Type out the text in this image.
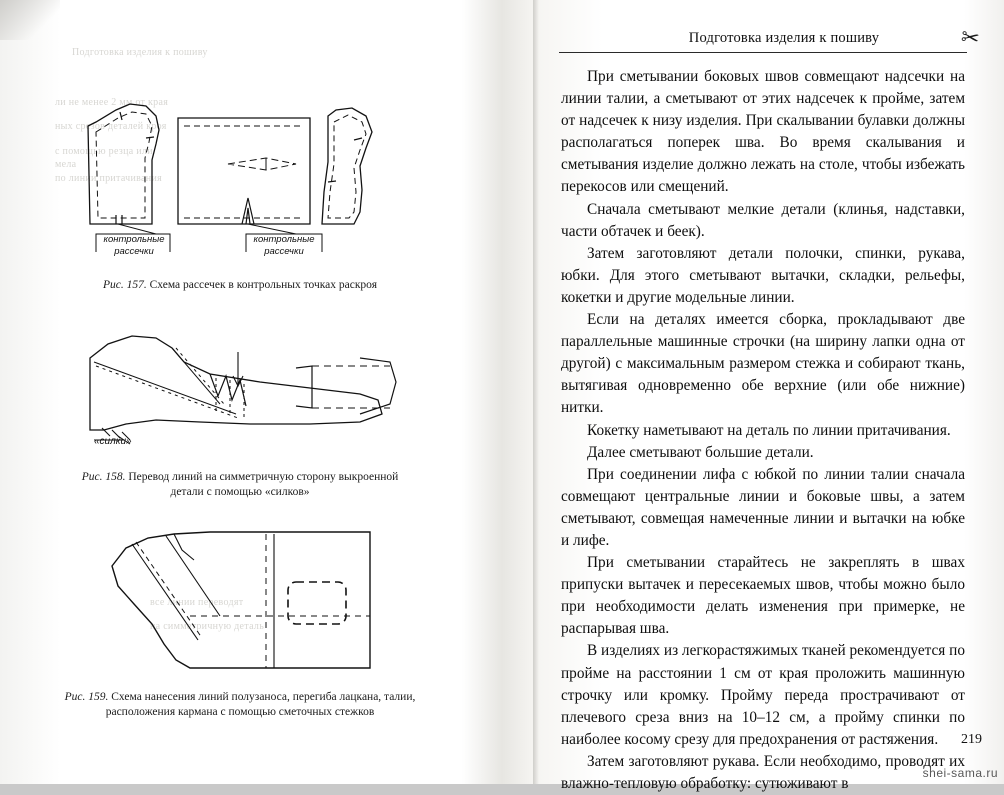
Подготовка изделия к пошиву
ли не менее 2 мм от края
ных срезов деталей кроя
с помощью резца или мела
по линии притачивания
все линии переводят
на симметричную деталь
контрольные
рассечки
контрольные
рассечки
Рис. 157. Схема рассечек в контрольных точках раскроя
«силки»
Рис. 158. Перевод линий на симметричную сторону выкроенной
детали с помощью «силков»
Рис. 159. Схема нанесения линий полузаноса, перегиба лацкана, талии,
расположения кармана с помощью сметочных стежков
Подготовка изделия к пошиву	✂

При сметывании боковых швов совмещают надсечки на линии талии, а сметывают от этих надсечек к пройме, затем от надсечек к низу изделия. При скалывании булавки должны располагаться поперек шва. Во время скалывания и сметывания изделие должно лежать на столе, чтобы избежать перекосов или смещений.

Сначала сметывают мелкие детали (клинья, надставки, части обтачек и беек).

Затем заготовляют детали полочки, спинки, рукава, юбки. Для этого сметывают вытачки, складки, рельефы, кокетки и другие модельные линии.

Если на деталях имеется сборка, прокладывают две параллельные машинные строчки (на ширину лапки одна от другой) с максимальным размером стежка и собирают ткань, вытягивая одновременно обе верхние (или обе нижние) нитки.

Кокетку наметывают на деталь по линии притачивания.

Далее сметывают большие детали.

При соединении лифа с юбкой по линии талии сначала совмещают центральные линии и боковые швы, а затем сметывают, совмещая намеченные линии и вытачки на юбке и лифе.

При сметывании старайтесь не закреплять в швах припуски вытачек и пересекаемых швов, чтобы можно было при необходимости делать изменения при примерке, не распарывая шва.

В изделиях из легкорастяжимых тканей рекомендуется по пройме на расстоянии 1 см от края проложить машинную строчку или кромку. Пройму переда прострачивают от плечевого среза вниз на 10–12 см, а пройму спинки по наиболее косому срезу для предохранения от растяжения.

Затем заготовляют рукава. Если необходимо, проводят их влажно-тепловую обработку: сутюживают в

219
shei-sama.ru
